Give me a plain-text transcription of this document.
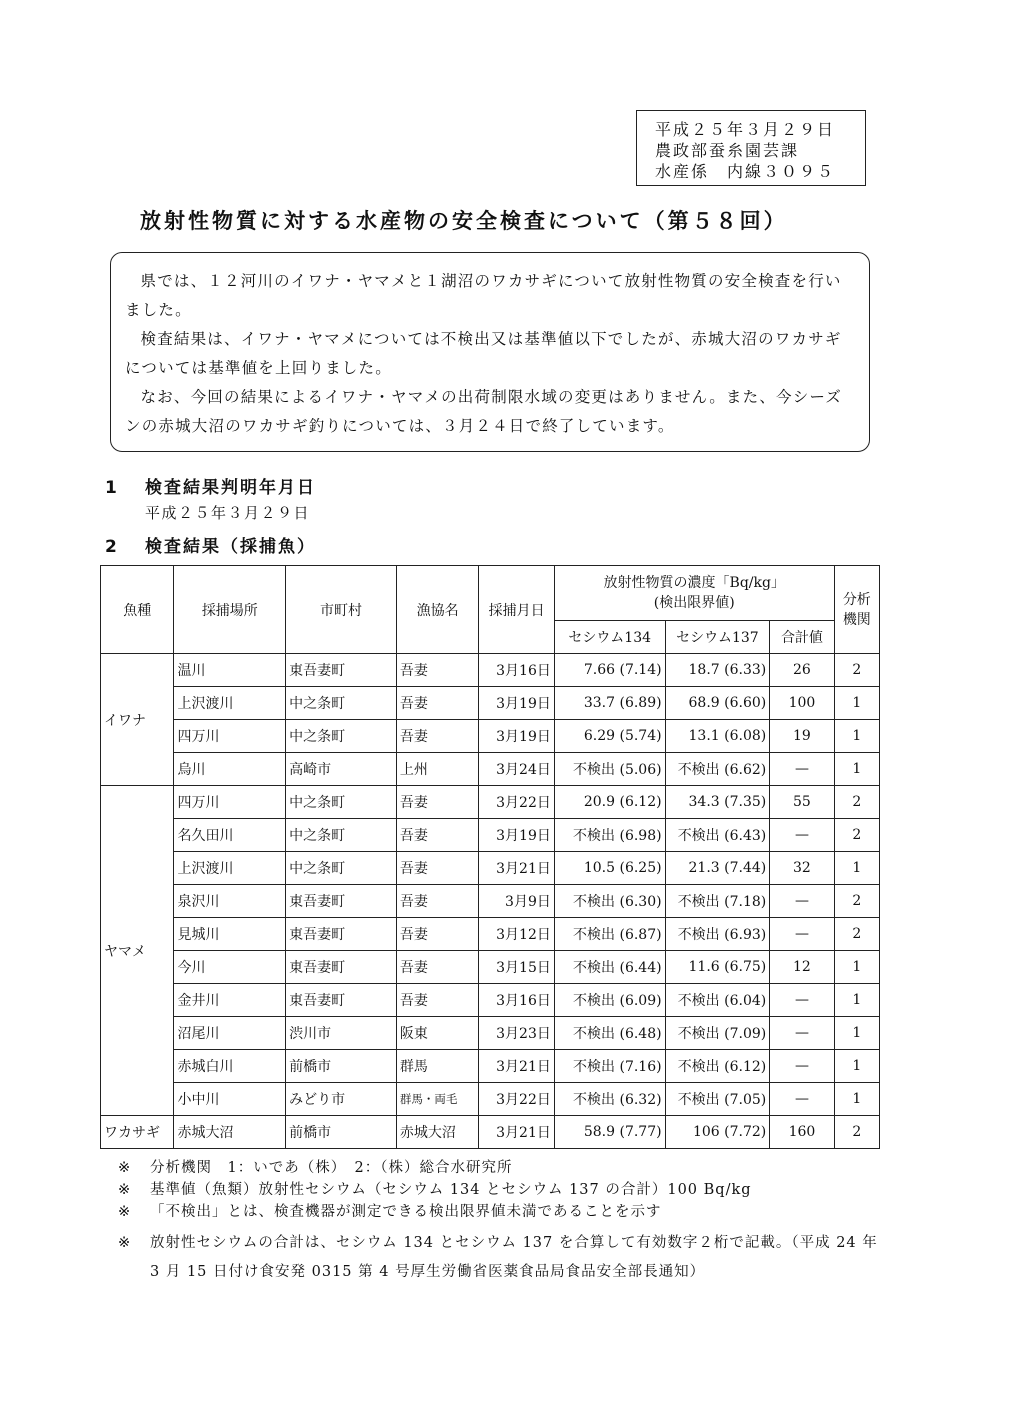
平成２５年３月２９日
農政部蚕糸園芸課
水産係　内線３０９５
放射性物質に対する水産物の安全検査について（第５８回）

県では、１２河川のイワナ・ヤマメと１湖沼のワカサギについて放射性物質の安全検査を行いました。

検査結果は、イワナ・ヤマメについては不検出又は基準値以下でしたが、赤城大沼のワカサギについては基準値を上回りました。

なお、今回の結果によるイワナ・ヤマメの出荷制限水域の変更はありません。また、今シーズンの赤城大沼のワカサギ釣りについては、３月２４日で終了しています。

1 検査結果判明年月日
平成２５年３月２９日
2 検査結果（採捕魚）
魚種	採捕場所	市町村	漁協名	採捕月日	放射性物質の濃度「Bq/kg」
(検出限界値)			分析機関
					セシウム134	セシウム137	合計値	
イワナ	温川	東吾妻町	吾妻	3月16日	7.66 (7.14)	18.7 (6.33)	26	2
	上沢渡川	中之条町	吾妻	3月19日	33.7 (6.89)	68.9 (6.60)	100	1
	四万川	中之条町	吾妻	3月19日	6.29 (5.74)	13.1 (6.08)	19	1
	烏川	高崎市	上州	3月24日	不検出 (5.06)	不検出 (6.62)	—	1
ヤマメ	四万川	中之条町	吾妻	3月22日	20.9 (6.12)	34.3 (7.35)	55	2
	名久田川	中之条町	吾妻	3月19日	不検出 (6.98)	不検出 (6.43)	—	2
	上沢渡川	中之条町	吾妻	3月21日	10.5 (6.25)	21.3 (7.44)	32	1
	泉沢川	東吾妻町	吾妻	3月9日	不検出 (6.30)	不検出 (7.18)	—	2
	見城川	東吾妻町	吾妻	3月12日	不検出 (6.87)	不検出 (6.93)	—	2
	今川	東吾妻町	吾妻	3月15日	不検出 (6.44)	11.6 (6.75)	12	1
	金井川	東吾妻町	吾妻	3月16日	不検出 (6.09)	不検出 (6.04)	—	1
	沼尾川	渋川市	阪東	3月23日	不検出 (6.48)	不検出 (7.09)	—	1
	赤城白川	前橋市	群馬	3月21日	不検出 (7.16)	不検出 (6.12)	—	1
	小中川	みどり市	群馬・両毛	3月22日	不検出 (6.32)	不検出 (7.05)	—	1
ワカサギ	赤城大沼	前橋市	赤城大沼	3月21日	58.9 (7.77)	106 (7.72)	160	2
※	分析機関　1：いであ（株）　2：（株）総合水研究所
※	基準値（魚類）放射性セシウム（セシウム 134 とセシウム 137 の合計）100 Bq/kg
※	「不検出」とは、検査機器が測定できる検出限界値未満であることを示す
※	放射性セシウムの合計は、セシウム 134 とセシウム 137 を合算して有効数字２桁で記載。（平成 24 年 3 月 15 日付け食安発 0315 第 4 号厚生労働省医薬食品局食品安全部長通知）
